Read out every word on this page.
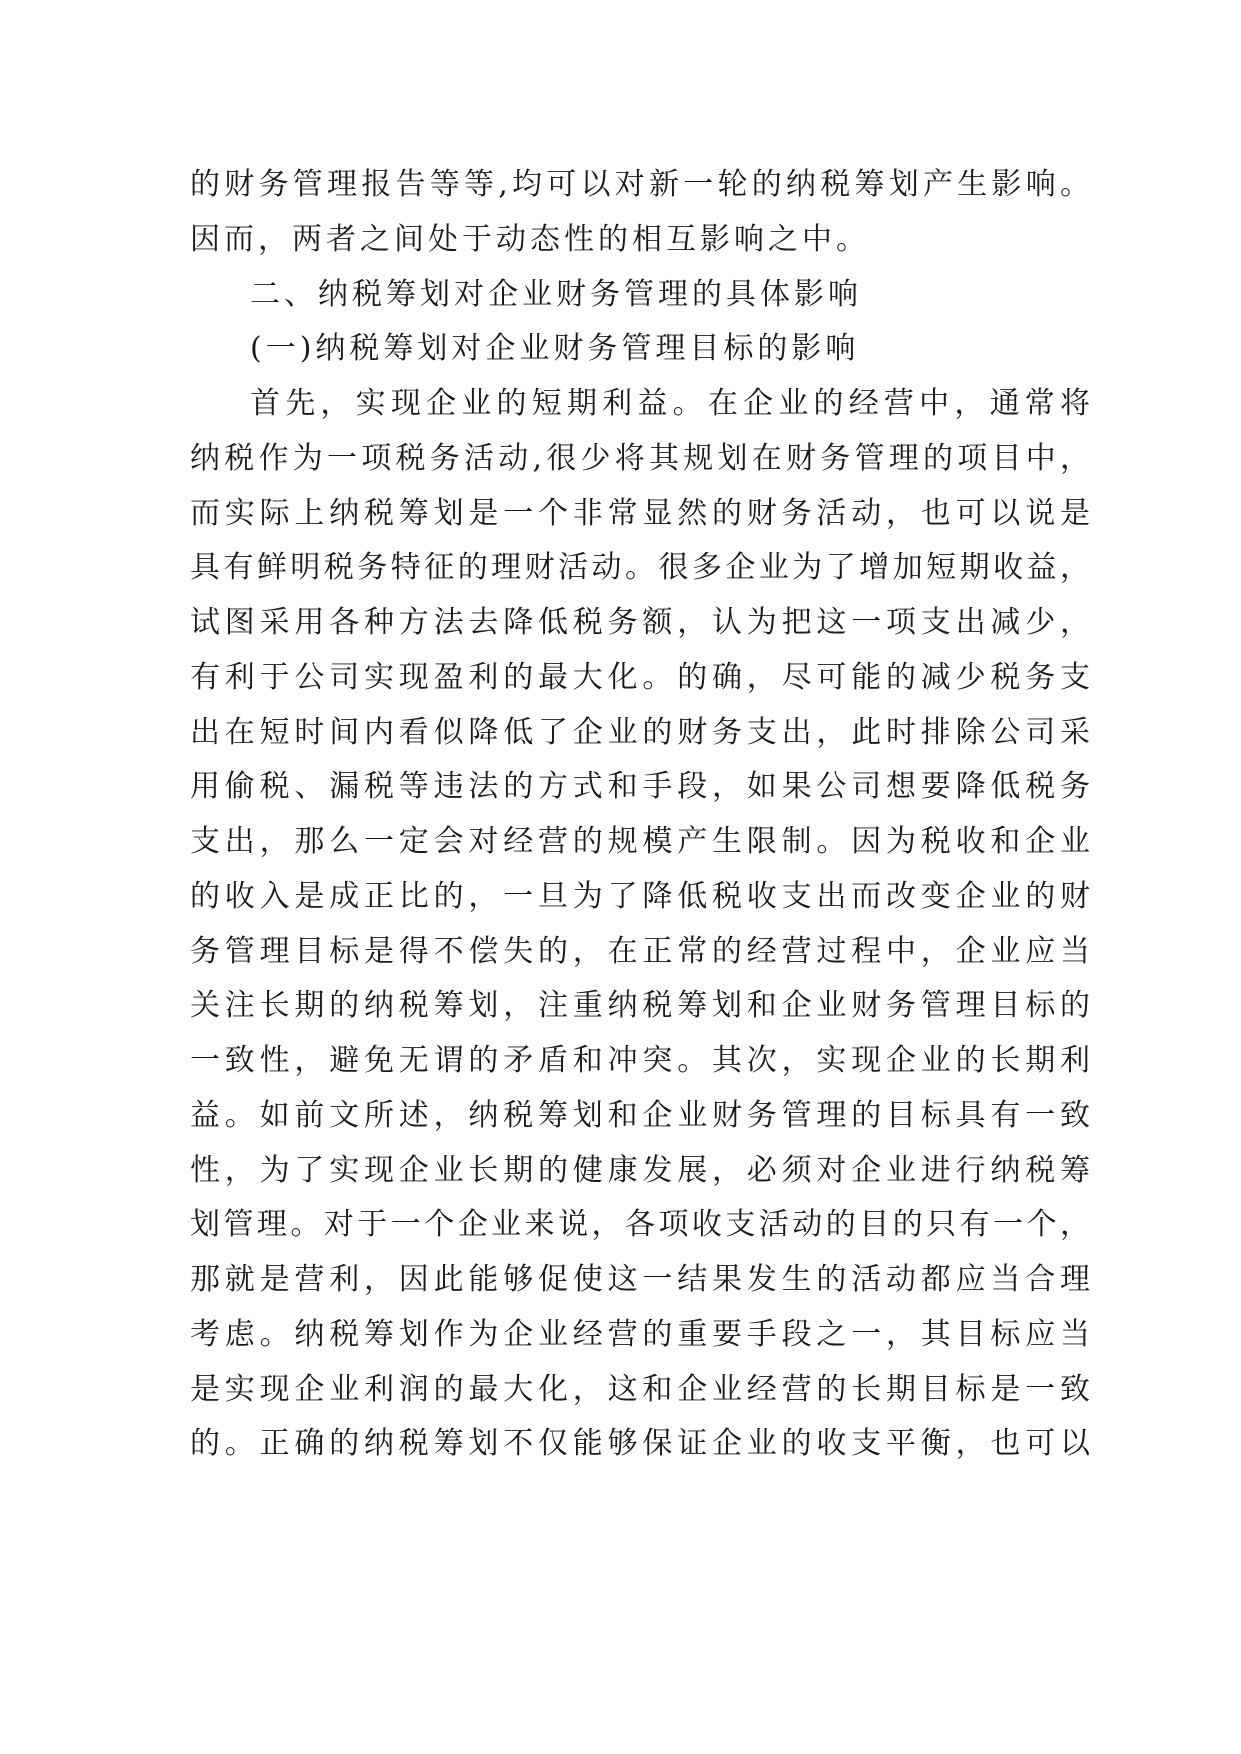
的财务管理报告等等,均可以对新一轮的纳税筹划产生影响。
因而，两者之间处于动态性的相互影响之中。
二、纳税筹划对企业财务管理的具体影响
(一)纳税筹划对企业财务管理目标的影响
首先，实现企业的短期利益。在企业的经营中，通常将
纳税作为一项税务活动,很少将其规划在财务管理的项目中，
而实际上纳税筹划是一个非常显然的财务活动，也可以说是
具有鲜明税务特征的理财活动。很多企业为了增加短期收益，
试图采用各种方法去降低税务额，认为把这一项支出减少，
有利于公司实现盈利的最大化。的确，尽可能的减少税务支
出在短时间内看似降低了企业的财务支出，此时排除公司采
用偷税、漏税等违法的方式和手段，如果公司想要降低税务
支出，那么一定会对经营的规模产生限制。因为税收和企业
的收入是成正比的，一旦为了降低税收支出而改变企业的财
务管理目标是得不偿失的，在正常的经营过程中，企业应当
关注长期的纳税筹划，注重纳税筹划和企业财务管理目标的
一致性，避免无谓的矛盾和冲突。其次，实现企业的长期利
益。如前文所述，纳税筹划和企业财务管理的目标具有一致
性，为了实现企业长期的健康发展，必须对企业进行纳税筹
划管理。对于一个企业来说，各项收支活动的目的只有一个，
那就是营利，因此能够促使这一结果发生的活动都应当合理
考虑。纳税筹划作为企业经营的重要手段之一，其目标应当
是实现企业利润的最大化，这和企业经营的长期目标是一致
的。正确的纳税筹划不仅能够保证企业的收支平衡，也可以
